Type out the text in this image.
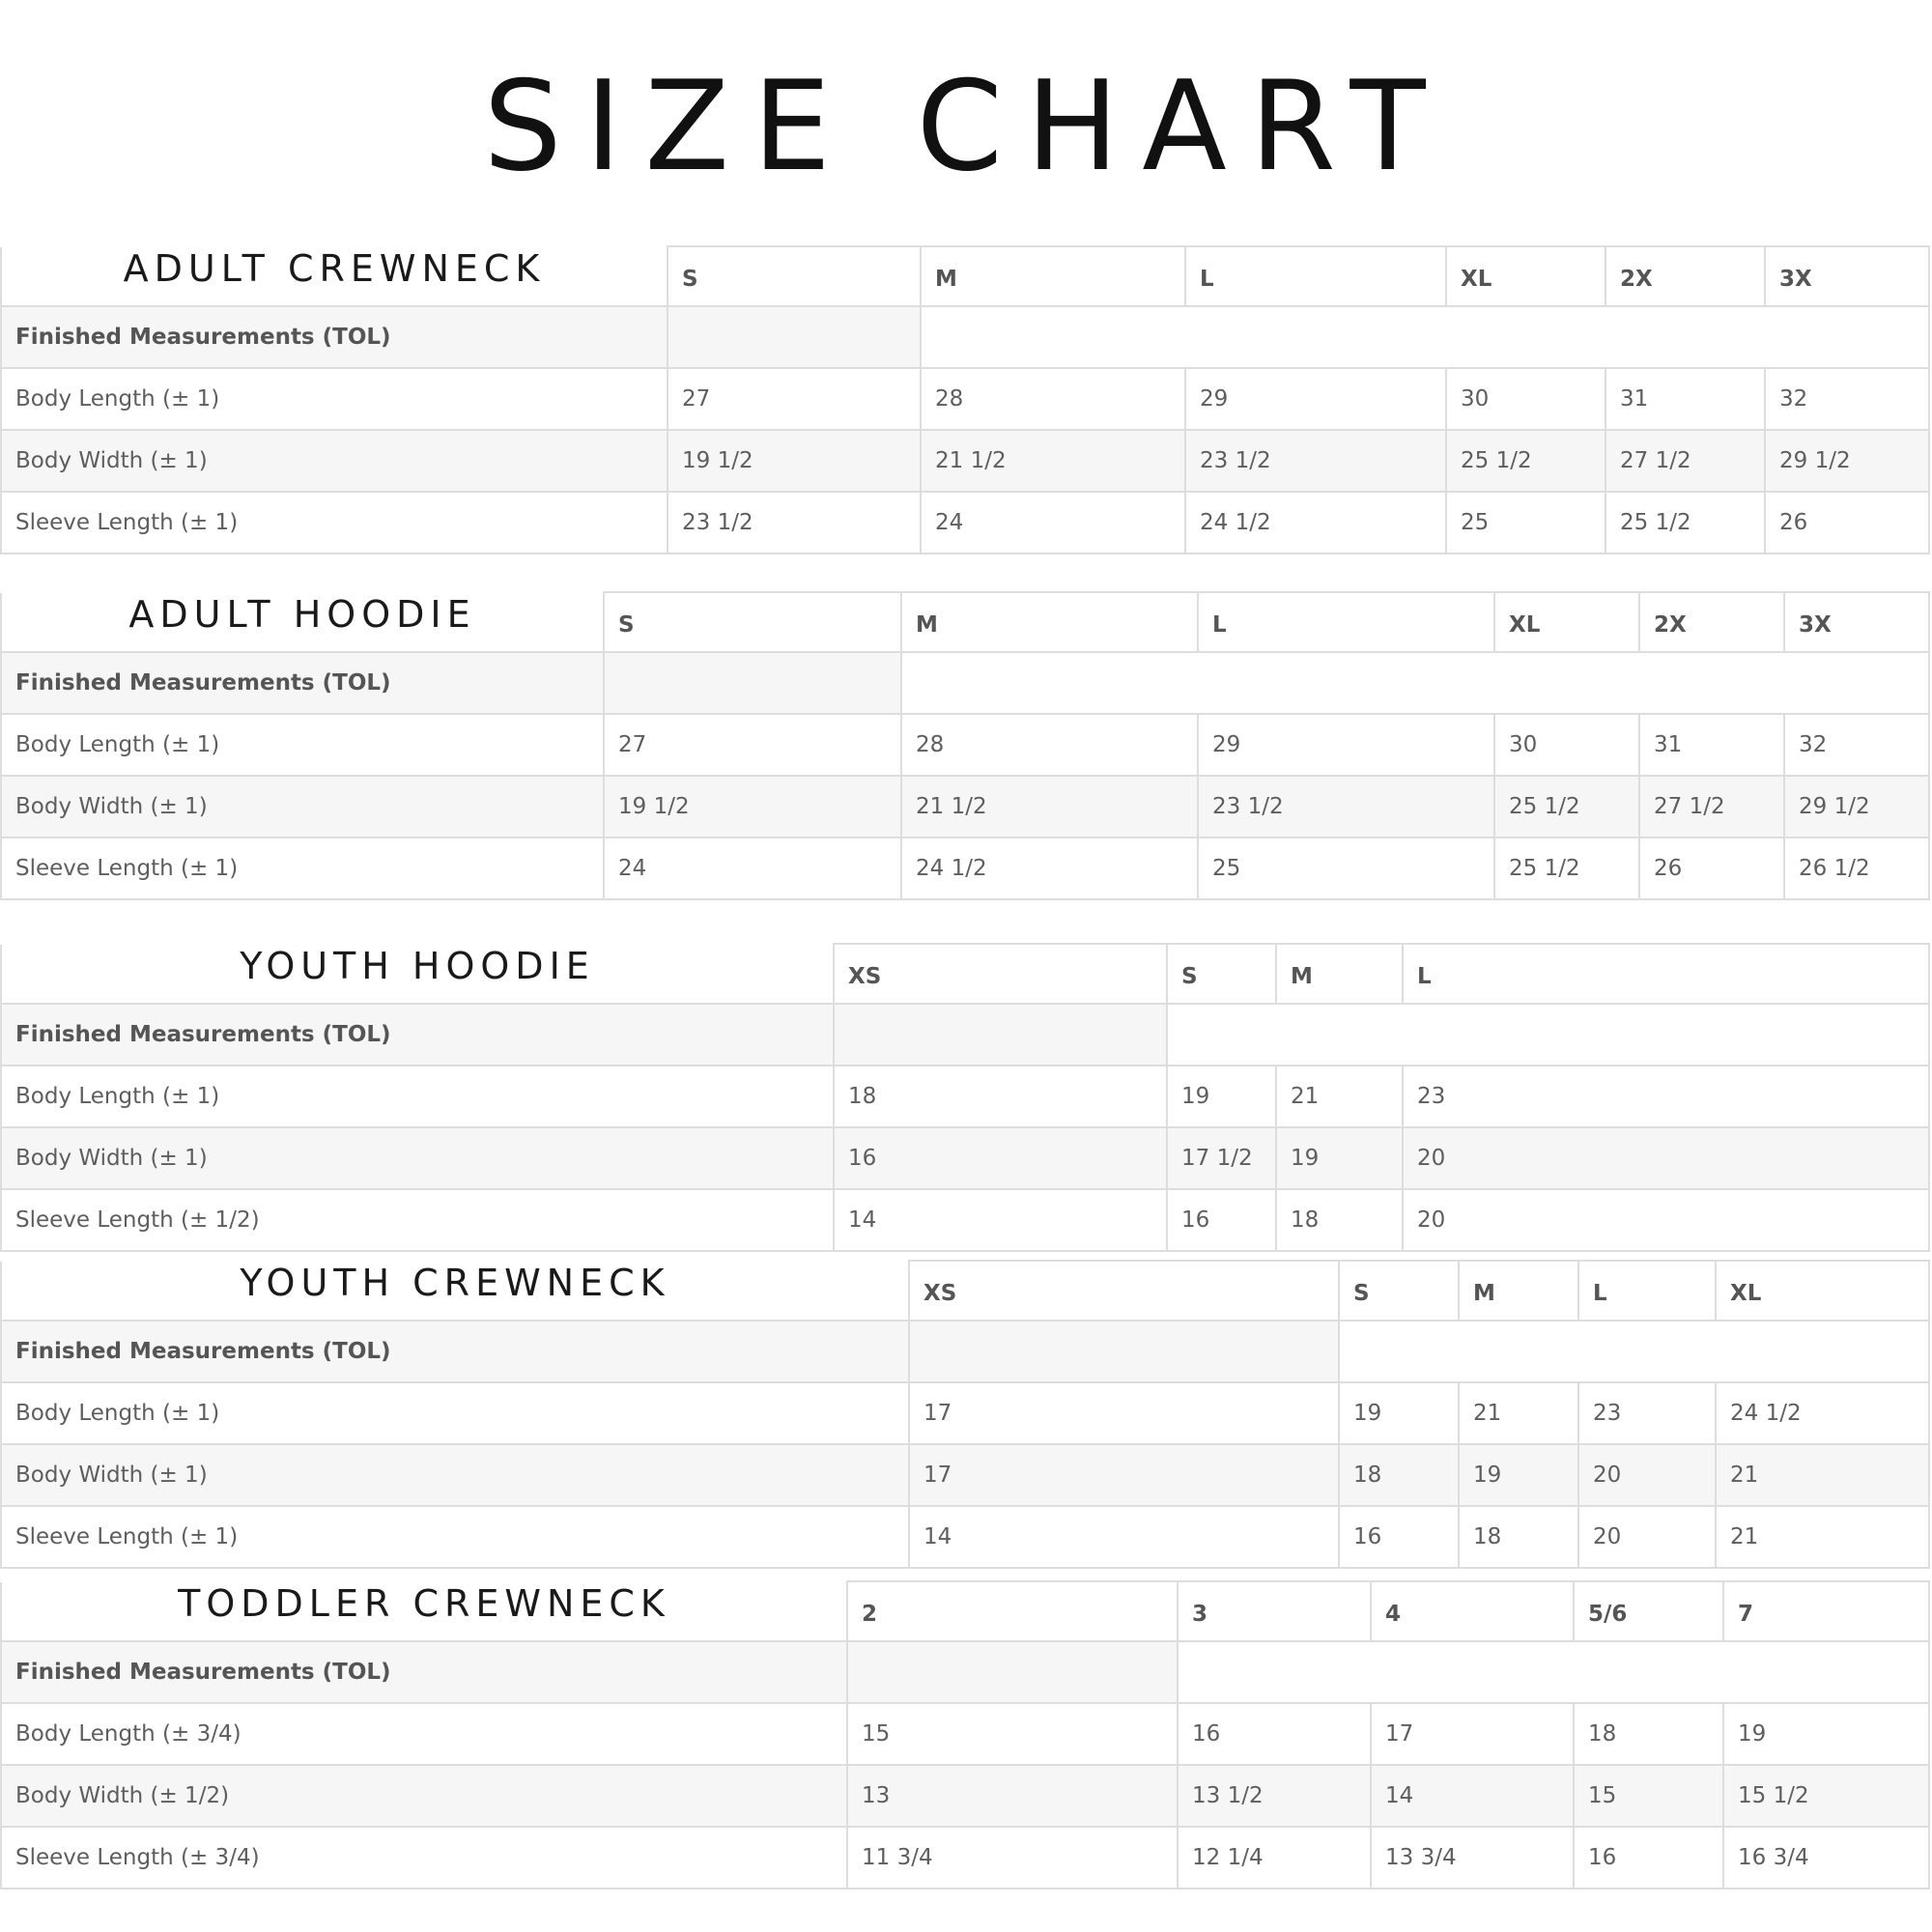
SIZE CHART
ADULT CREWNECK	S	M	L	XL	2X	3X
Finished Measurements (TOL)						
Body Length (± 1)	27	28	29	30	31	32
Body Width (± 1)	19 1/2	21 1/2	23 1/2	25 1/2	27 1/2	29 1/2
Sleeve Length (± 1)	23 1/2	24	24 1/2	25	25 1/2	26
ADULT HOODIE	S	M	L	XL	2X	3X
Finished Measurements (TOL)						
Body Length (± 1)	27	28	29	30	31	32
Body Width (± 1)	19 1/2	21 1/2	23 1/2	25 1/2	27 1/2	29 1/2
Sleeve Length (± 1)	24	24 1/2	25	25 1/2	26	26 1/2
YOUTH HOODIE	XS	S	M	L	
Finished Measurements (TOL)					
Body Length (± 1)	18	19	21	23	
Body Width (± 1)	16	17 1/2	19	20	
Sleeve Length (± 1/2)	14	16	18	20	
YOUTH CREWNECK	XS	S	M	L	XL
Finished Measurements (TOL)					
Body Length (± 1)	17	19	21	23	24 1/2
Body Width (± 1)	17	18	19	20	21
Sleeve Length (± 1)	14	16	18	20	21
TODDLER CREWNECK	2	3	4	5/6	7
Finished Measurements (TOL)					
Body Length (± 3/4)	15	16	17	18	19
Body Width (± 1/2)	13	13 1/2	14	15	15 1/2
Sleeve Length (± 3/4)	11 3/4	12 1/4	13 3/4	16	16 3/4
